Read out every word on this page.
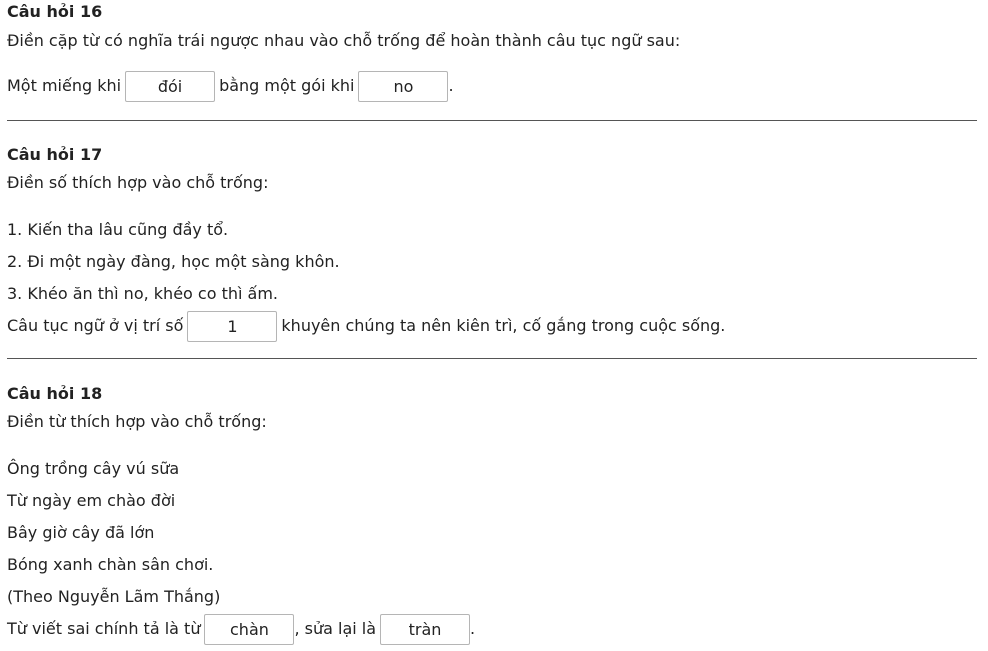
Câu hỏi 16
Điền cặp từ có nghĩa trái ngược nhau vào chỗ trống để hoàn thành câu tục ngữ sau:
Một miếng khi
đói	bằng một gói khi
no	.
Câu hỏi 17
Điền số thích hợp vào chỗ trống:
1. Kiến tha lâu cũng đầy tổ.
2. Đi một ngày đàng, học một sàng khôn.
3. Khéo ăn thì no, khéo co thì ấm.
Câu tục ngữ ở vị trí số
1	khuyên chúng ta nên kiên trì, cố gắng trong cuộc sống.
Câu hỏi 18
Điền từ thích hợp vào chỗ trống:
Ông trồng cây vú sữa
Từ ngày em chào đời
Bây giờ cây đã lớn
Bóng xanh chàn sân chơi.
(Theo Nguyễn Lãm Thắng)
Từ viết sai chính tả là từ
chàn	, sửa lại là
tràn	.
